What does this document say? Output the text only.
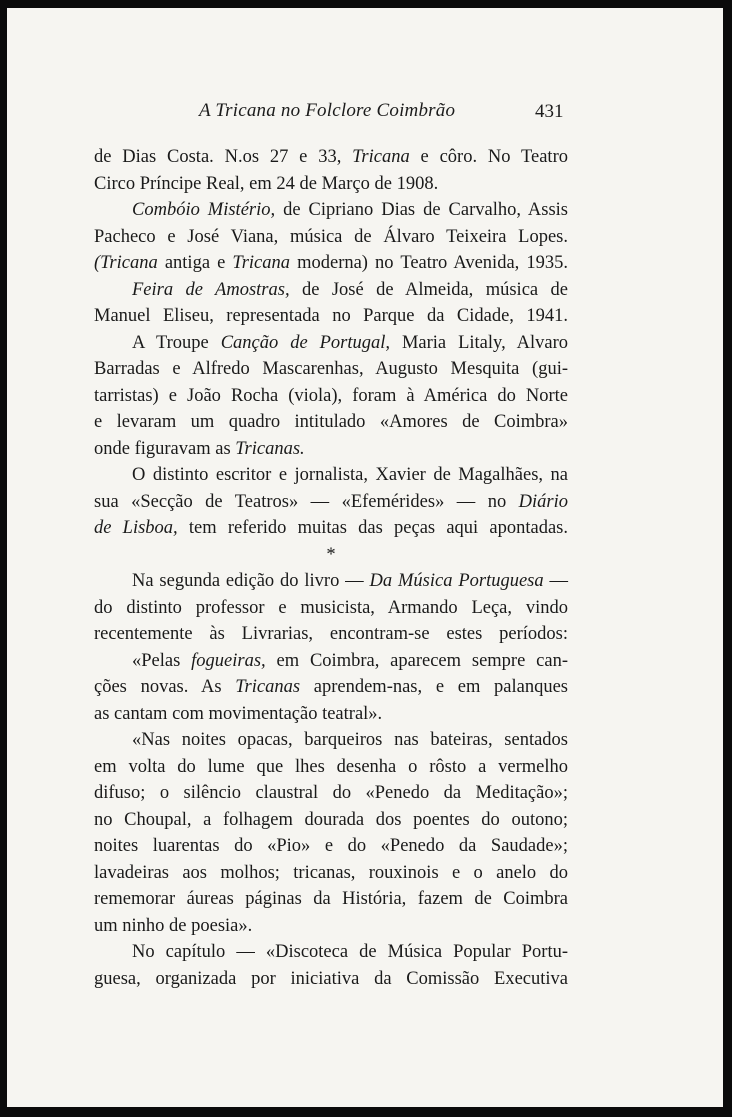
A Tricana no Folclore Coimbrão	431
de Dias Costa. N.os 27 e 33, Tricana e côro. No Teatro
Circo Príncipe Real, em 24 de Março de 1908.
Combóio Mistério, de Cipriano Dias de Carvalho, Assis
Pacheco e José Viana, música de Álvaro Teixeira Lopes.
(Tricana antiga e Tricana moderna) no Teatro Avenida, 1935.
Feira de Amostras, de José de Almeida, música de
Manuel Eliseu, representada no Parque da Cidade, 1941.
A Troupe Canção de Portugal, Maria Litaly, Alvaro
Barradas e Alfredo Mascarenhas, Augusto Mesquita (gui-
tarristas) e João Rocha (viola), foram à América do Norte
e levaram um quadro intitulado «Amores de Coimbra»
onde figuravam as Tricanas.
O distinto escritor e jornalista, Xavier de Magalhães, na
sua «Secção de Teatros» — «Efemérides» — no Diário
de Lisboa, tem referido muitas das peças aqui apontadas.
*
Na segunda edição do livro — Da Música Portuguesa —
do distinto professor e musicista, Armando Leça, vindo
recentemente às Livrarias, encontram-se estes períodos:
«Pelas fogueiras, em Coimbra, aparecem sempre can-
ções novas. As Tricanas aprendem-nas, e em palanques
as cantam com movimentação teatral».
«Nas noites opacas, barqueiros nas bateiras, sentados
em volta do lume que lhes desenha o rôsto a vermelho
difuso; o silêncio claustral do «Penedo da Meditação»;
no Choupal, a folhagem dourada dos poentes do outono;
noites luarentas do «Pio» e do «Penedo da Saudade»;
lavadeiras aos molhos; tricanas, rouxinois e o anelo do
rememorar áureas páginas da História, fazem de Coimbra
um ninho de poesia».
No capítulo — «Discoteca de Música Popular Portu-
guesa, organizada por iniciativa da Comissão Executiva
